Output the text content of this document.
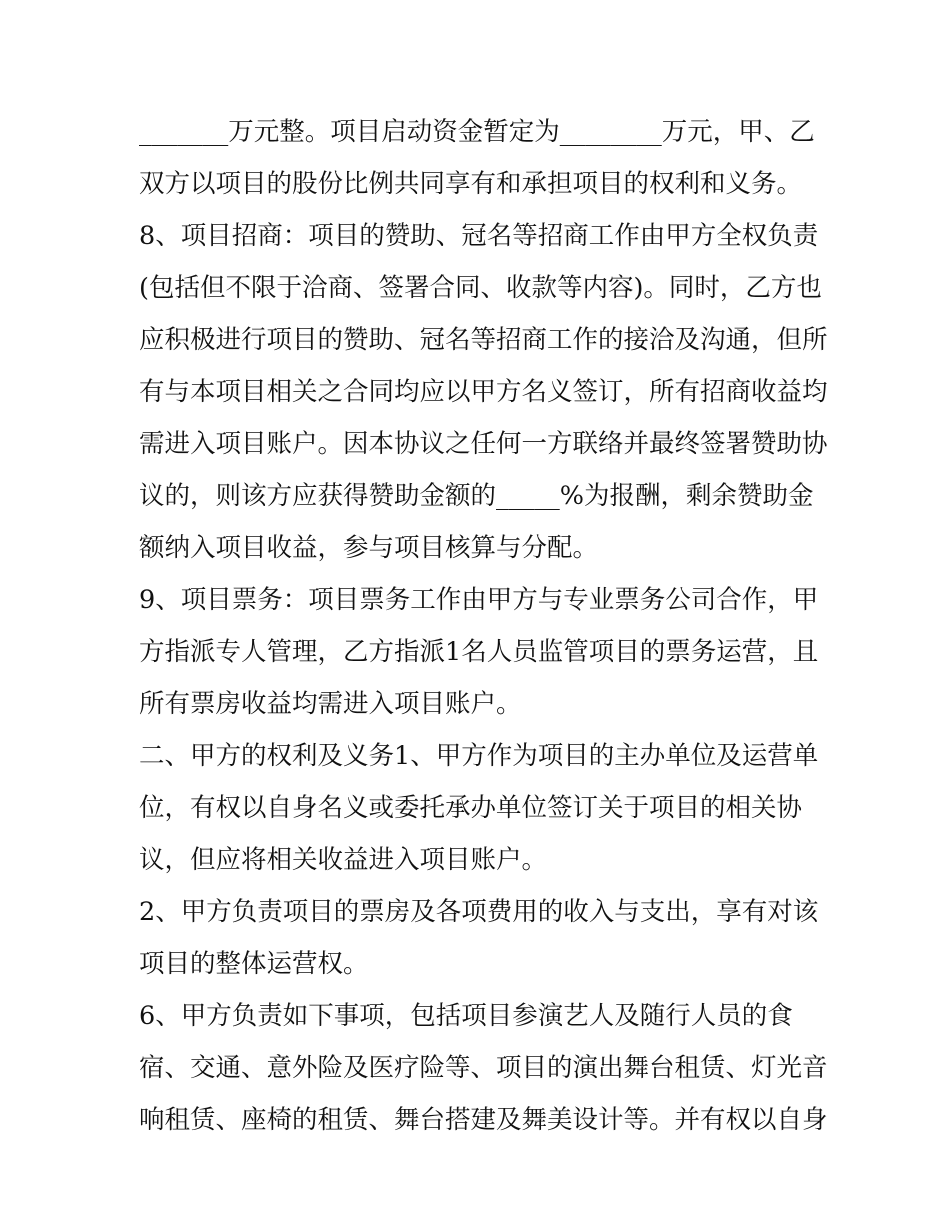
_______万元整。项目启动资金暂定为________万元，甲、乙
双方以项目的股份比例共同享有和承担项目的权利和义务。
8、项目招商：项目的赞助、冠名等招商工作由甲方全权负责
(包括但不限于洽商、签署合同、收款等内容)。同时，乙方也
应积极进行项目的赞助、冠名等招商工作的接洽及沟通，但所
有与本项目相关之合同均应以甲方名义签订，所有招商收益均
需进入项目账户。因本协议之任何一方联络并最终签署赞助协
议的，则该方应获得赞助金额的_____%为报酬，剩余赞助金
额纳入项目收益，参与项目核算与分配。
9、项目票务：项目票务工作由甲方与专业票务公司合作，甲
方指派专人管理，乙方指派1名人员监管项目的票务运营，且
所有票房收益均需进入项目账户。
二、甲方的权利及义务1、甲方作为项目的主办单位及运营单
位，有权以自身名义或委托承办单位签订关于项目的相关协
议，但应将相关收益进入项目账户。
2、甲方负责项目的票房及各项费用的收入与支出，享有对该
项目的整体运营权。
6、甲方负责如下事项，包括项目参演艺人及随行人员的食
宿、交通、意外险及医疗险等、项目的演出舞台租赁、灯光音
响租赁、座椅的租赁、舞台搭建及舞美设计等。并有权以自身
